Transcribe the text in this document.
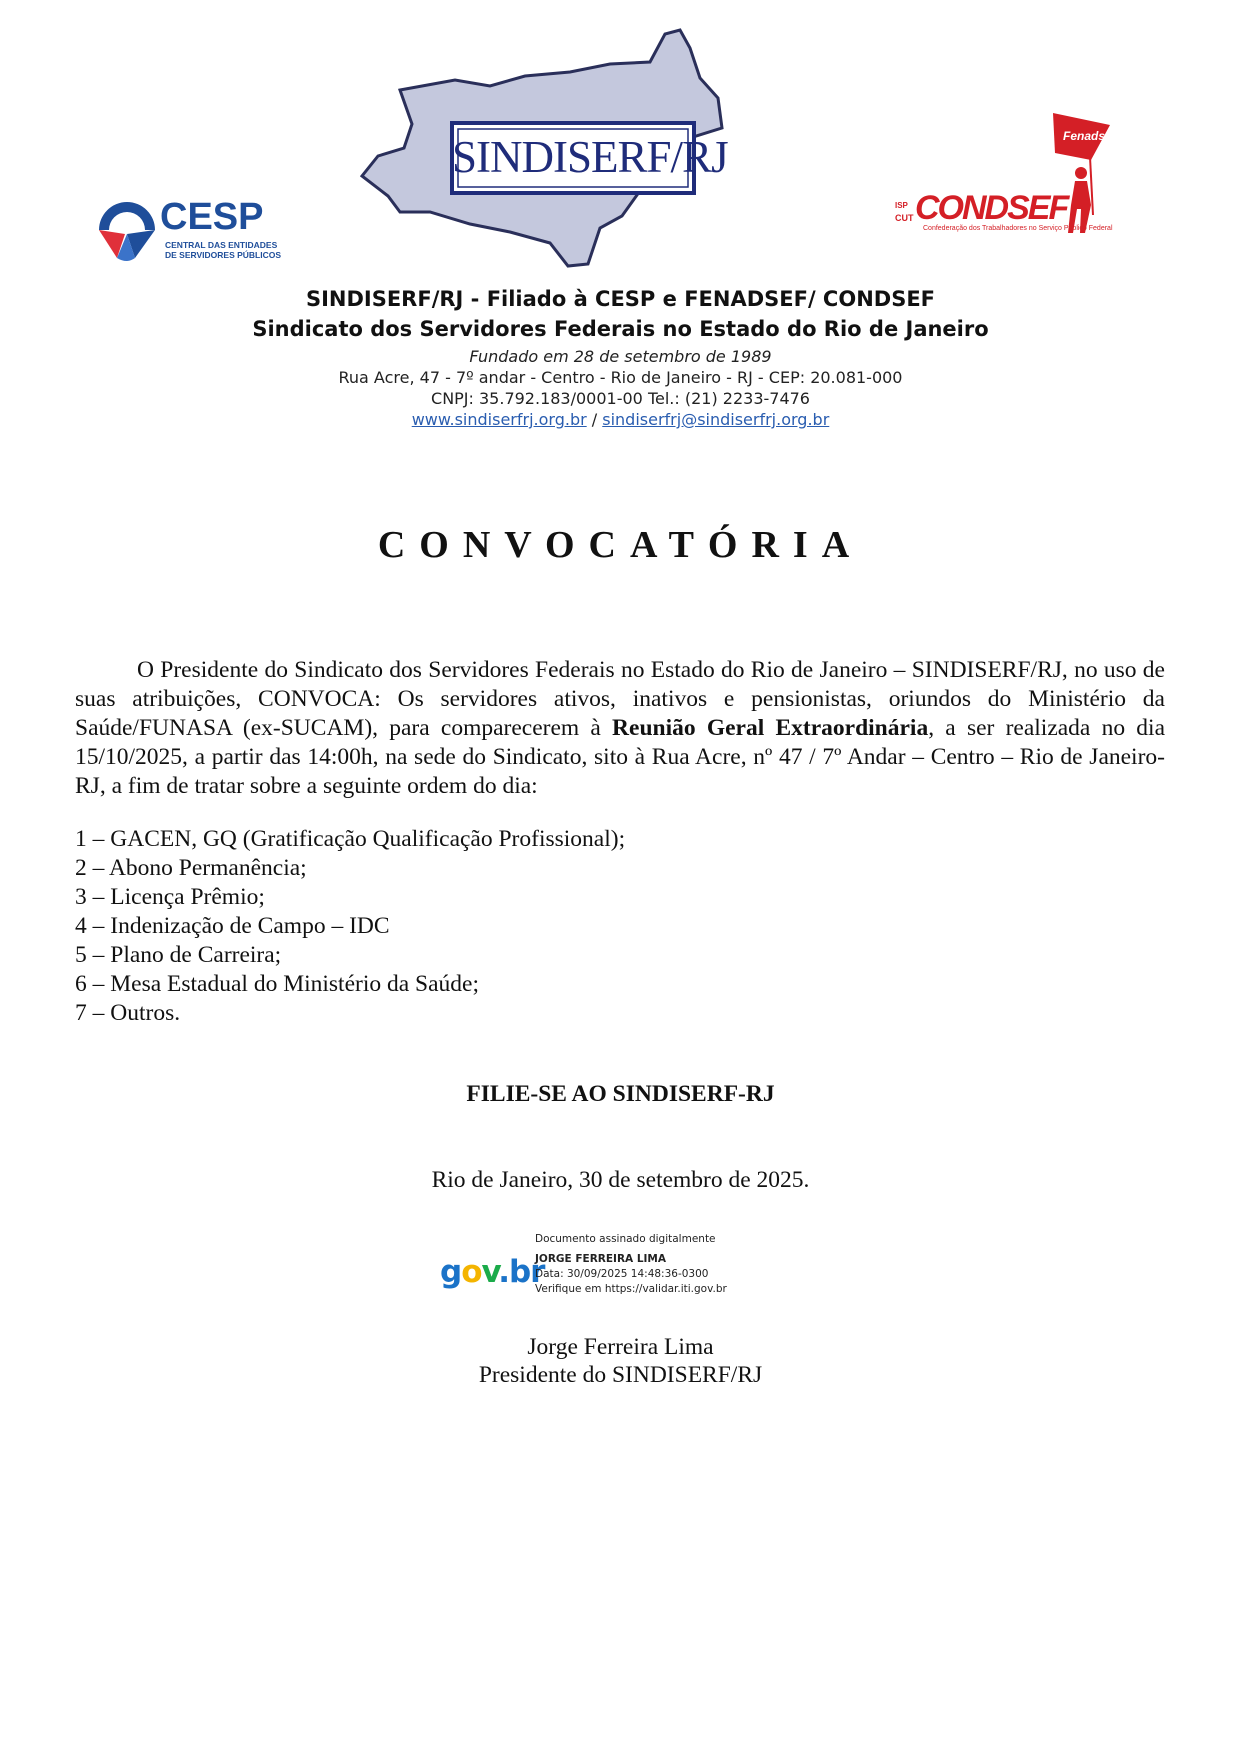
CESP
CENTRAL DAS ENTIDADES
DE SERVIDORES PÚBLICOS
SINDISERF/RJ	Fenadsef
ISP
CUT CONDSEF
Confederação dos Trabalhadores no Serviço Público Federal
SINDISERF/RJ - Filiado à CESP e FENADSEF/ CONDSEF
Sindicato dos Servidores Federais no Estado do Rio de Janeiro
Fundado em 28 de setembro de 1989
Rua Acre, 47 - 7º andar - Centro - Rio de Janeiro - RJ - CEP: 20.081-000
CNPJ: 35.792.183/0001-00 Tel.: (21) 2233-7476
www.sindiserfrj.org.br / sindiserfrj@sindiserfrj.org.br
CONVOCATÓRIA
O Presidente do Sindicato dos Servidores Federais no Estado do Rio de Janeiro – SINDISERF/RJ, no uso de suas atribuições, CONVOCA: Os servidores ativos, inativos e pensionistas, oriundos do Ministério da Saúde/FUNASA (ex-SUCAM), para comparecerem à Reunião Geral Extraordinária, a ser realizada no dia 15/10/2025, a partir das 14:00h, na sede do Sindicato, sito à Rua Acre, nº 47 / 7º Andar – Centro – Rio de Janeiro-RJ, a fim de tratar sobre a seguinte ordem do dia:
1 – GACEN, GQ (Gratificação Qualificação Profissional);
2 – Abono Permanência;
3 – Licença Prêmio;
4 – Indenização de Campo – IDC
5 – Plano de Carreira;
6 – Mesa Estadual do Ministério da Saúde;
7 – Outros.
FILIE-SE AO SINDISERF-RJ
Rio de Janeiro, 30 de setembro de 2025.
gov.br
Documento assinado digitalmente
JORGE FERREIRA LIMA
Data: 30/09/2025 14:48:36-0300
Verifique em https://validar.iti.gov.br
Jorge Ferreira Lima
Presidente do SINDISERF/RJ
